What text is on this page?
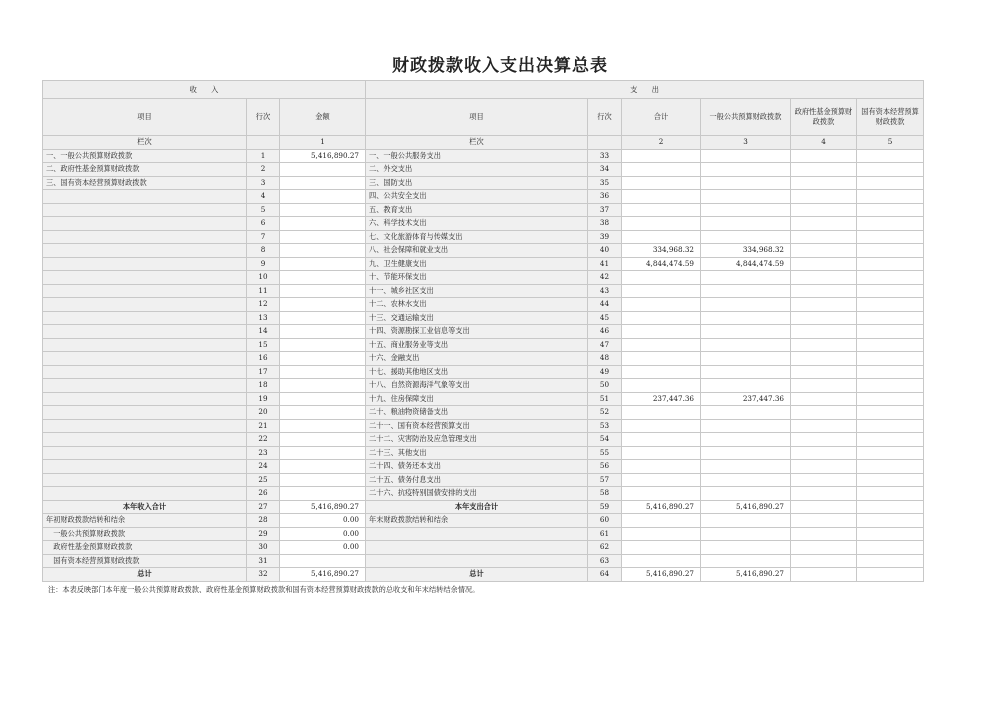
财政拨款收入支出决算总表
收　　入			支　　出					
项目	行次	金额	项目	行次	合计	一般公共预算财政拨款	政府性基金预算财政拨款	国有资本经营预算财政拨款
栏次		1	栏次		2	3	4	5
一、一般公共预算财政拨款	1	5,416,890.27	一、一般公共服务支出	33				
二、政府性基金预算财政拨款	2		二、外交支出	34				
三、国有资本经营预算财政拨款	3		三、国防支出	35				
	4		四、公共安全支出	36				
	5		五、教育支出	37				
	6		六、科学技术支出	38				
	7		七、文化旅游体育与传媒支出	39				
	8		八、社会保障和就业支出	40	334,968.32	334,968.32		
	9		九、卫生健康支出	41	4,844,474.59	4,844,474.59		
	10		十、节能环保支出	42				
	11		十一、城乡社区支出	43				
	12		十二、农林水支出	44				
	13		十三、交通运输支出	45				
	14		十四、资源勘探工业信息等支出	46				
	15		十五、商业服务业等支出	47				
	16		十六、金融支出	48				
	17		十七、援助其他地区支出	49				
	18		十八、自然资源海洋气象等支出	50				
	19		十九、住房保障支出	51	237,447.36	237,447.36		
	20		二十、粮油物资储备支出	52				
	21		二十一、国有资本经营预算支出	53				
	22		二十二、灾害防治及应急管理支出	54				
	23		二十三、其他支出	55				
	24		二十四、债务还本支出	56				
	25		二十五、债务付息支出	57				
	26		二十六、抗疫特别国债安排的支出	58				
本年收入合计	27	5,416,890.27	本年支出合计	59	5,416,890.27	5,416,890.27		
年初财政拨款结转和结余	28	0.00	年末财政拨款结转和结余	60				
　一般公共预算财政拨款	29	0.00		61				
　政府性基金预算财政拨款	30	0.00		62				
　国有资本经营预算财政拨款	31			63				
总计	32	5,416,890.27	总计	64	5,416,890.27	5,416,890.27		
注：本表反映部门本年度一般公共预算财政拨款、政府性基金预算财政拨款和国有资本经营预算财政拨款的总收支和年末结转结余情况。
